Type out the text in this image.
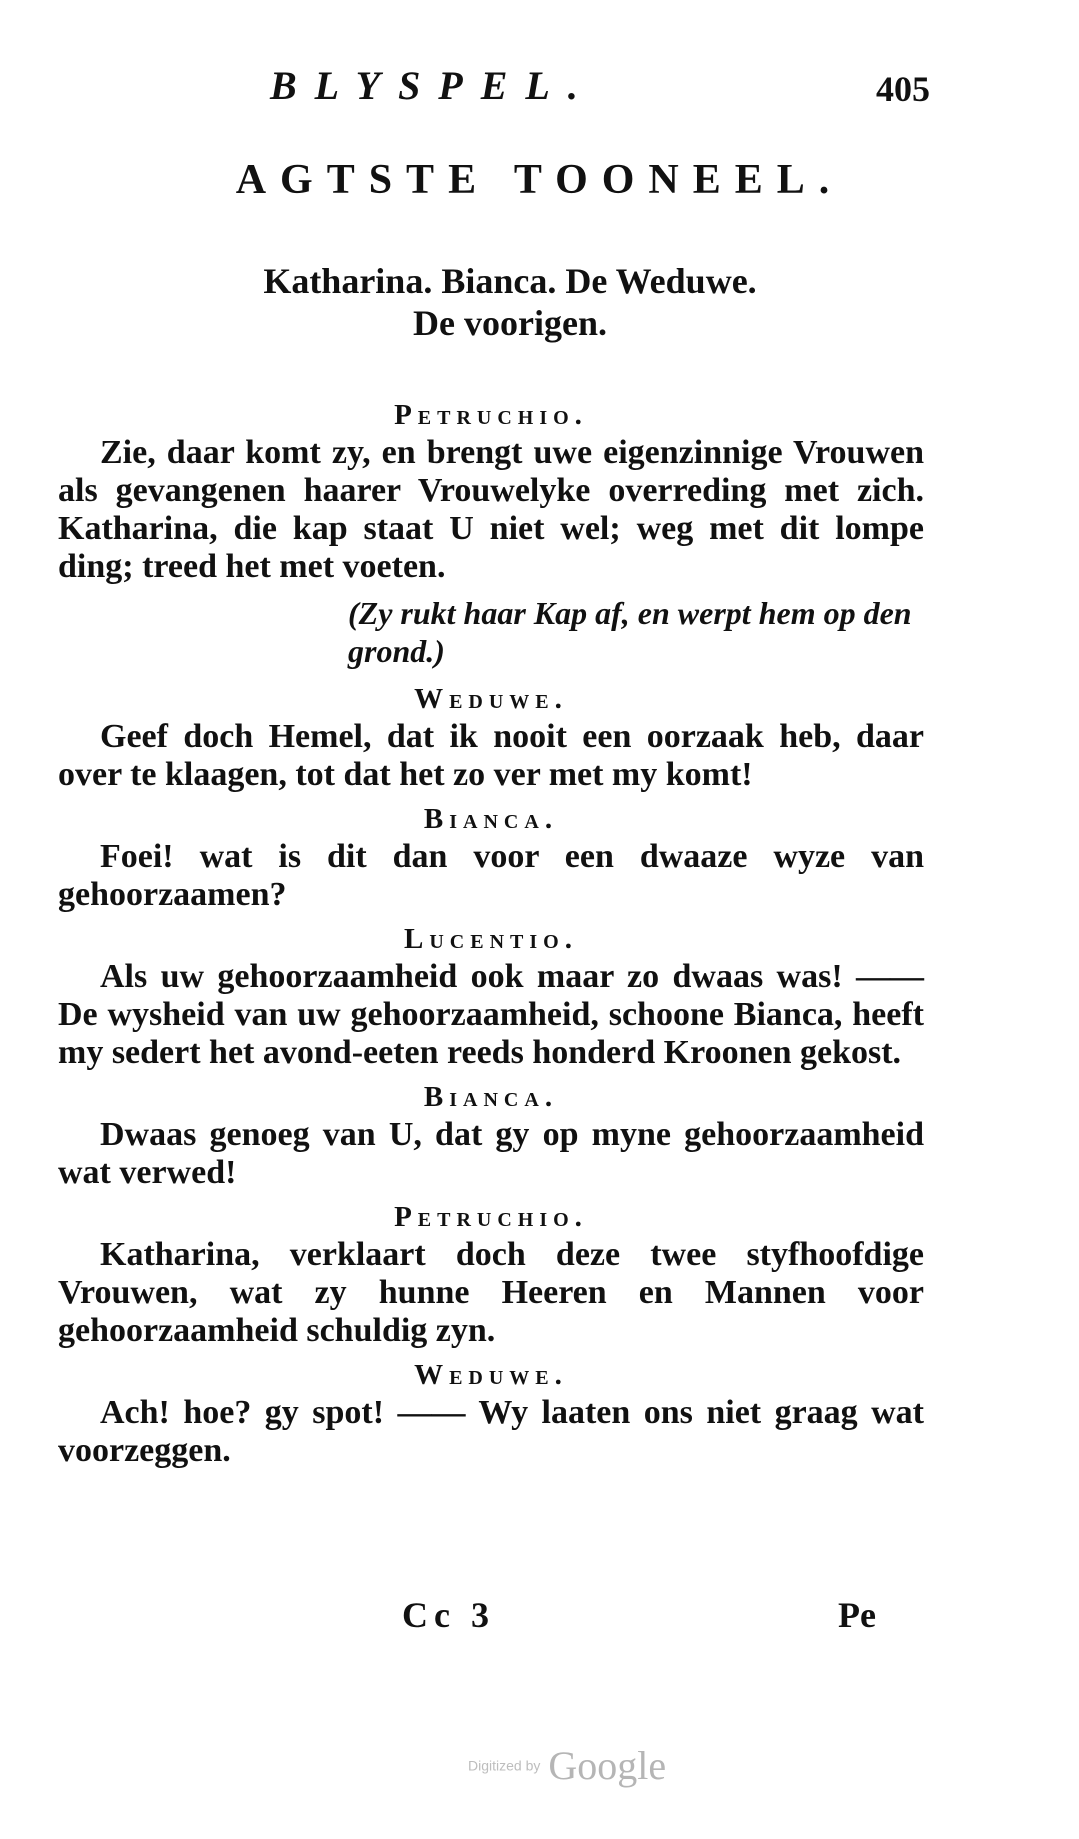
BLYSPEL.	405
AGTSTE TOONEEL.
Katharina. Bianca. De Weduwe.
De voorigen.
Petruchio.

Zie, daar komt zy, en brengt uwe eigenzinnige Vrouwen als gevangenen haarer Vrouwelyke overreding met zich. Katharina, die kap staat U niet wel; weg met dit lompe ding; treed het met voeten.

(Zy rukt haar Kap af, en werpt hem op den grond.)
Weduwe.

Geef doch Hemel, dat ik nooit een oorzaak heb, daar over te klaagen, tot dat het zo ver met my komt!

Bianca.

Foei! wat is dit dan voor een dwaaze wyze van gehoorzaamen?

Lucentio.

Als uw gehoorzaamheid ook maar zo dwaas was! —— De wysheid van uw gehoorzaamheid, schoone Bianca, heeft my sedert het avond-eeten reeds honderd Kroonen gekost.

Bianca.

Dwaas genoeg van U, dat gy op myne gehoorzaamheid wat verwed!

Petruchio.

Katharina, verklaart doch deze twee styfhoofdige Vrouwen, wat zy hunne Heeren en Mannen voor gehoorzaamheid schuldig zyn.

Weduwe.

Ach! hoe? gy spot! —— Wy laaten ons niet graag wat voorzeggen.

Cc 3	Pe
Digitized by Google
